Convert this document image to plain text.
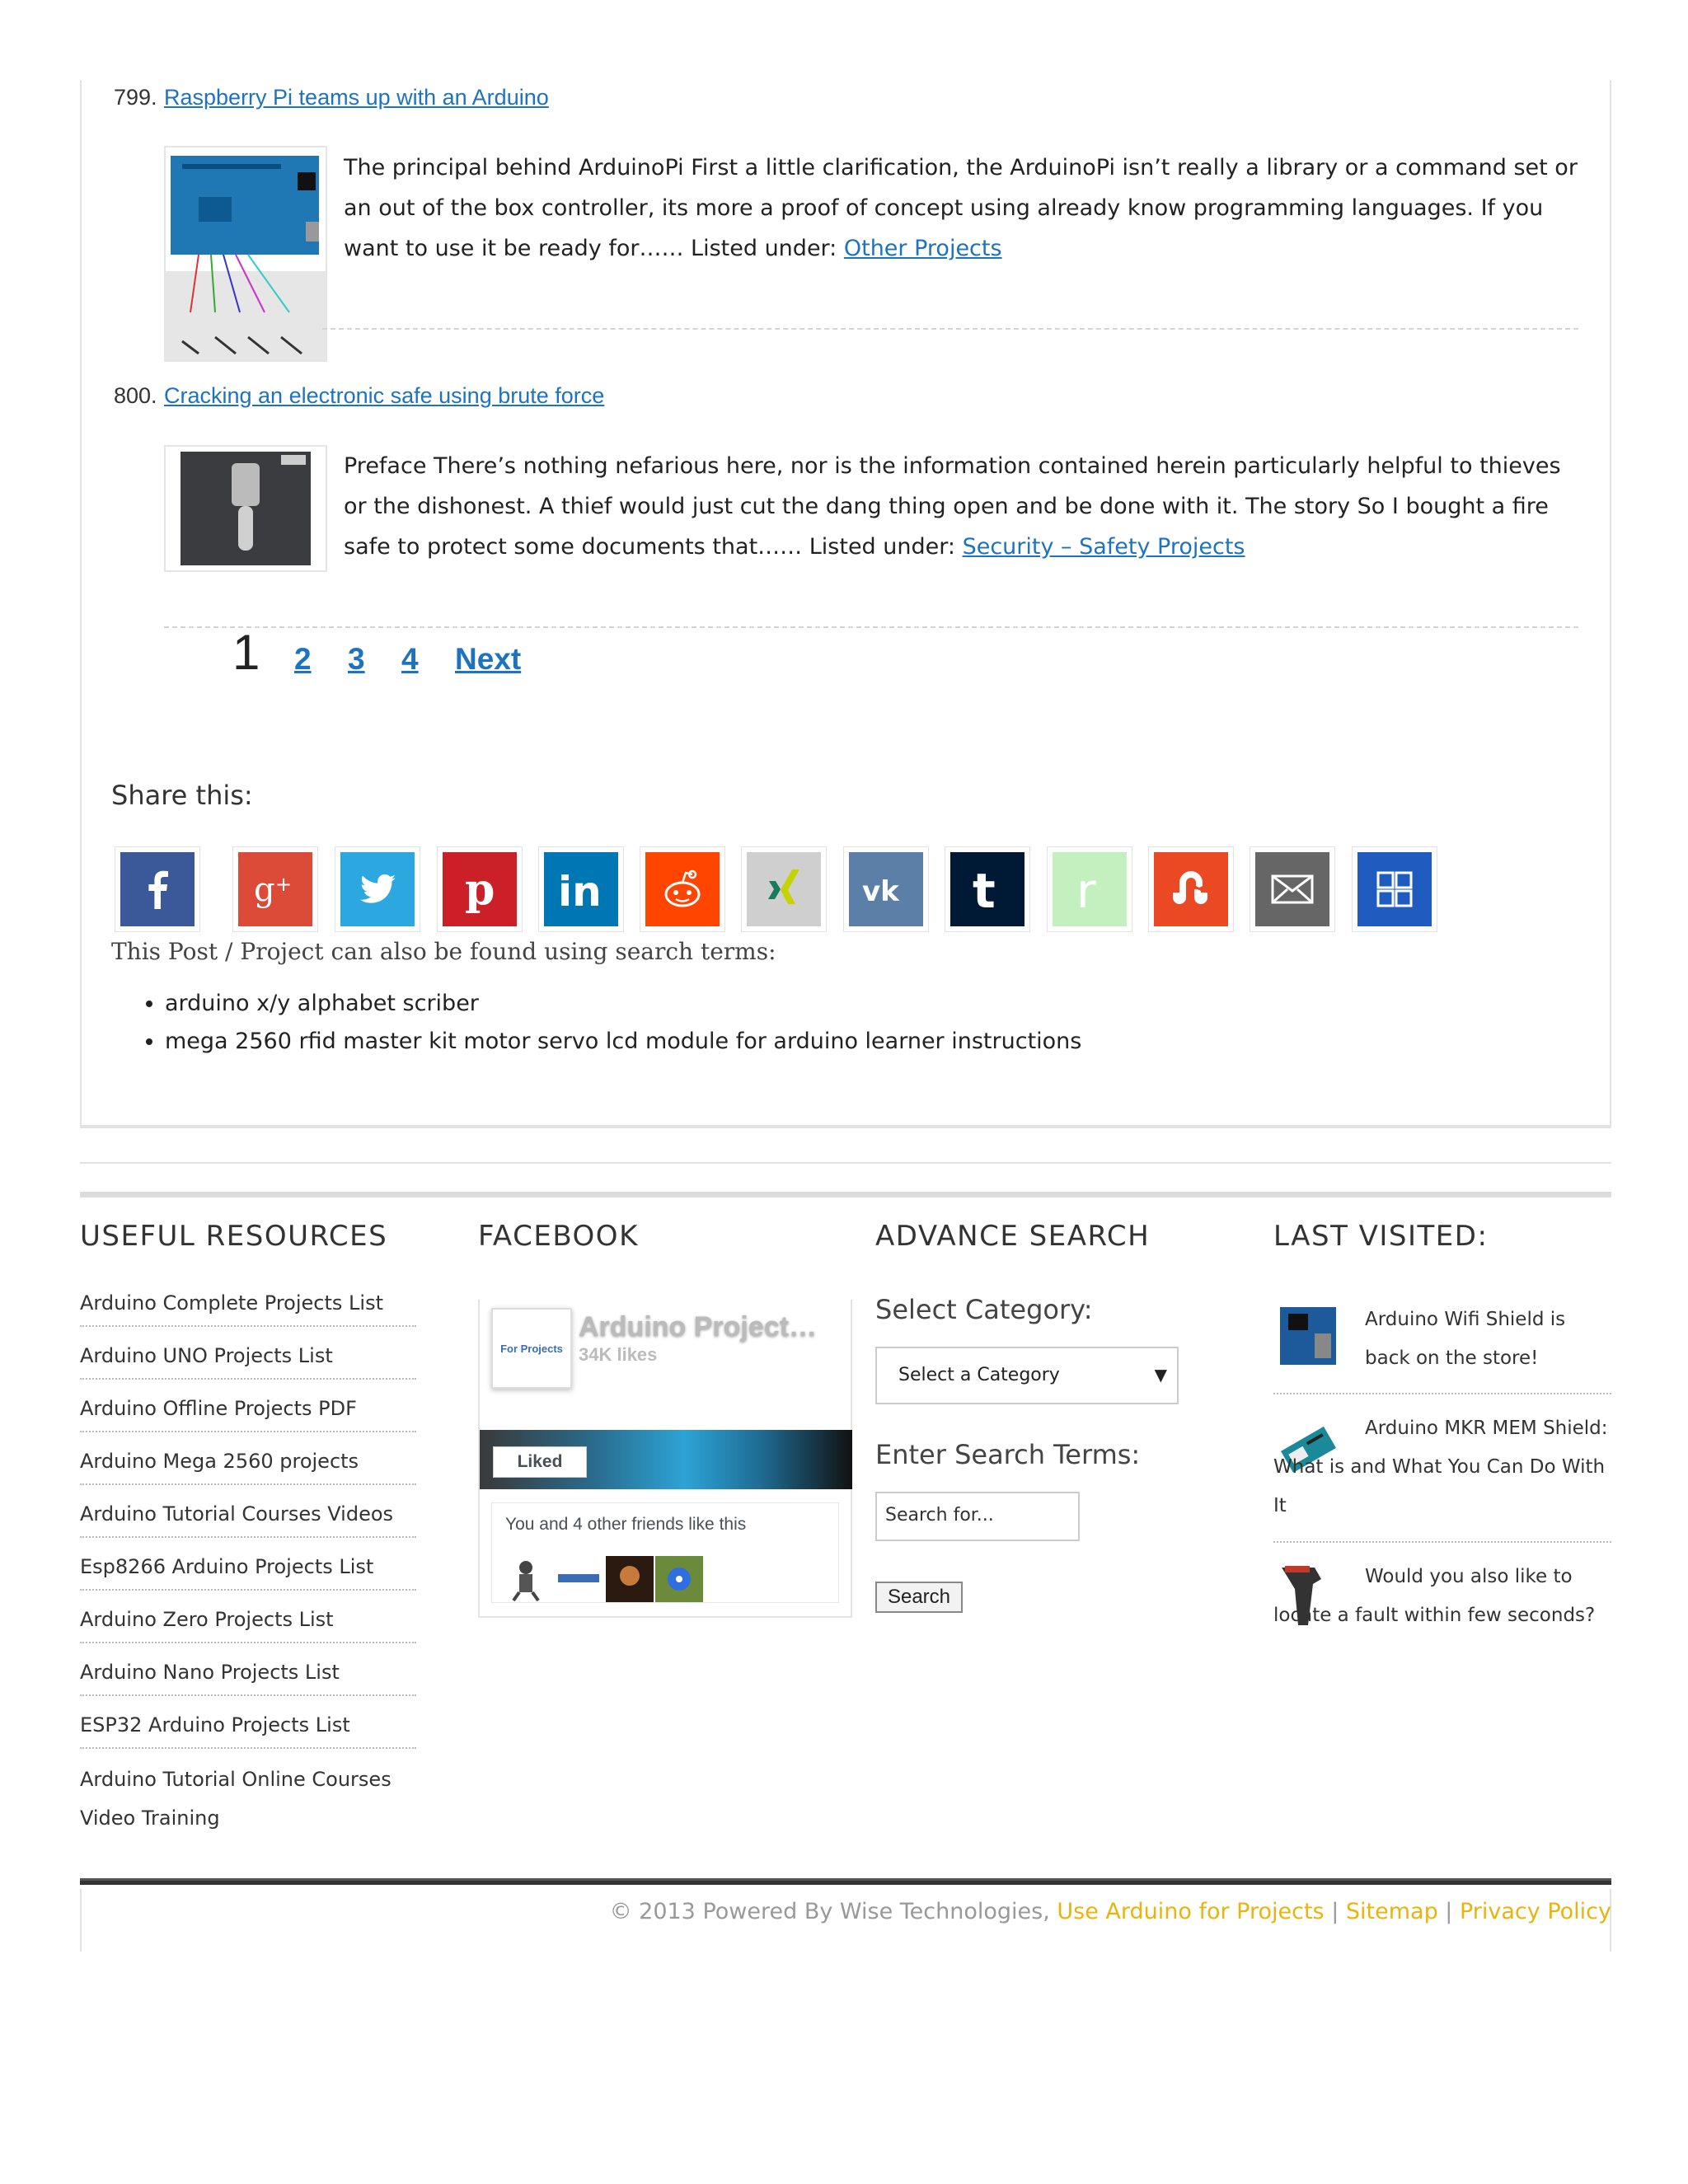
799. Raspberry Pi teams up with an Arduino
The principal behind ArduinoPi First a little clarification, the ArduinoPi isn’t really a library or a command set or an out of the box controller, its more a proof of concept using already know programming languages. If you want to use it be ready for…… Listed under: Other Projects
800. Cracking an electronic safe using brute force
Preface There’s nothing nefarious here, nor is the information contained herein particularly helpful to thieves or the dishonest. A thief would just cut the dang thing open and be done with it. The story So I bought a fire safe to protect some documents that…… Listed under: Security – Safety Projects
1 2 3 4 Next
Share this:
g +	p in	vk t r
This Post / Project can also be found using search terms:
• arduino x/y alphabet scriber
• mega 2560 rfid master kit motor servo lcd module for arduino learner instructions
USEFUL RESOURCES
Arduino Complete Projects List
Arduino UNO Projects List
Arduino Offline Projects PDF
Arduino Mega 2560 projects
Arduino Tutorial Courses Videos
Esp8266 Arduino Projects List
Arduino Zero Projects List
Arduino Nano Projects List
ESP32 Arduino Projects List
Arduino Tutorial Online Courses Video Training
FACEBOOK
For Projects
Arduino Project…
34K likes
Liked
You and 4 other friends like this
ADVANCE SEARCH
Select Category:
Select a Category	▼
Enter Search Terms:
Search for...
Search
LAST VISITED:
Arduino Wifi Shield is back on the store!
Arduino MKR MEM Shield: What is and What You Can Do With It
Would you also like to locate a fault within few seconds?
© 2013 Powered By Wise Technologies, Use Arduino for Projects | Sitemap | Privacy Policy
